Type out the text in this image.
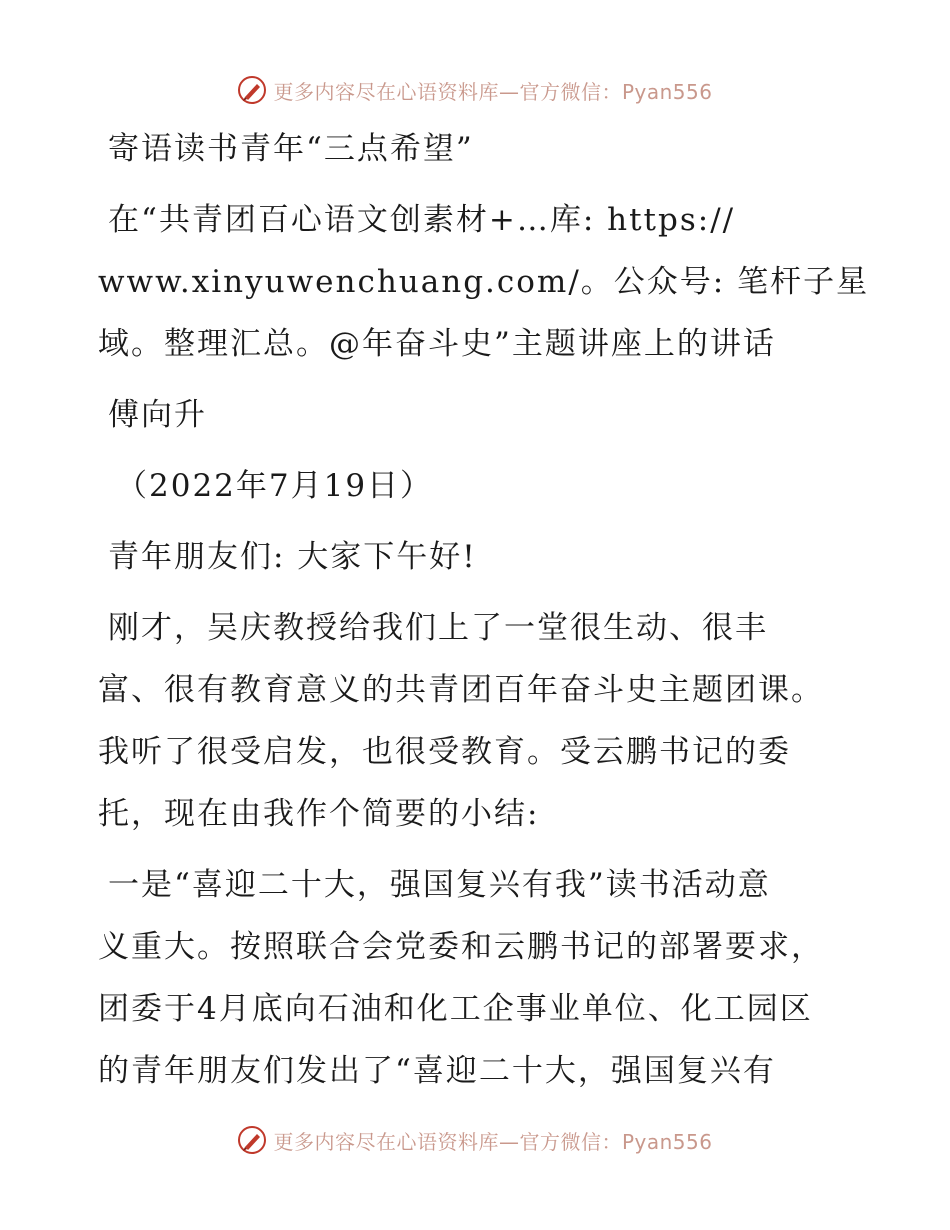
更多内容尽在心语资料库—官方微信：Pyan556
寄语读书青年“三点希望”
在“共青团百心语文创素材+…库: https://
www.xinyuwenchuang.com/。公众号: 笔杆子星
域。整理汇总。@年奋斗史”主题讲座上的讲话
傅向升
（2022年7月19日）
青年朋友们: 大家下午好!
刚才，吴庆教授给我们上了一堂很生动、很丰
富、很有教育意义的共青团百年奋斗史主题团课。
我听了很受启发，也很受教育。受云鹏书记的委
托，现在由我作个简要的小结:
一是“喜迎二十大，强国复兴有我”读书活动意
义重大。按照联合会党委和云鹏书记的部署要求，
团委于4月底向石油和化工企事业单位、化工园区
的青年朋友们发出了“喜迎二十大，强国复兴有
更多内容尽在心语资料库—官方微信：Pyan556
